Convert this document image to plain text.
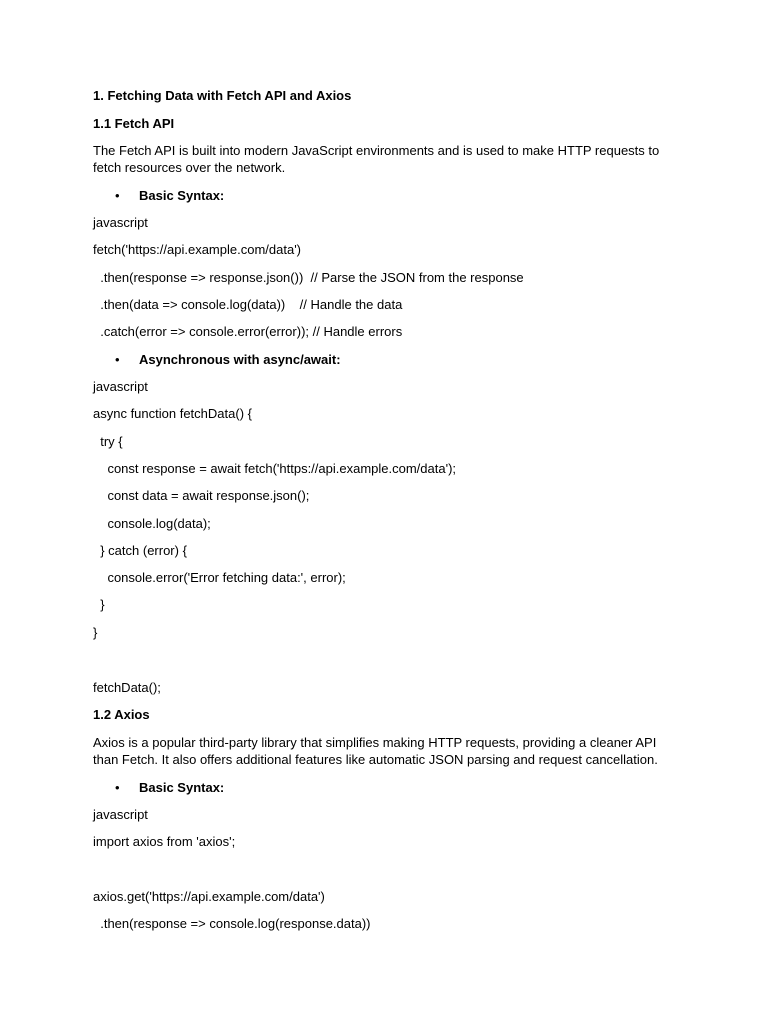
1. Fetching Data with Fetch API and Axios
1.1 Fetch API
The Fetch API is built into modern JavaScript environments and is used to make HTTP requests to fetch resources over the network.
• Basic Syntax:
javascript
fetch('https://api.example.com/data')
.then(response => response.json())  // Parse the JSON from the response
.then(data => console.log(data))    // Handle the data
.catch(error => console.error(error)); // Handle errors
• Asynchronous with async/await:
javascript
async function fetchData() {
try {
const response = await fetch('https://api.example.com/data');
const data = await response.json();
console.log(data);
} catch (error) {
console.error('Error fetching data:', error);
}
}
fetchData();
1.2 Axios
Axios is a popular third-party library that simplifies making HTTP requests, providing a cleaner API than Fetch. It also offers additional features like automatic JSON parsing and request cancellation.
• Basic Syntax:
javascript
import axios from 'axios';
axios.get('https://api.example.com/data')
.then(response => console.log(response.data))
